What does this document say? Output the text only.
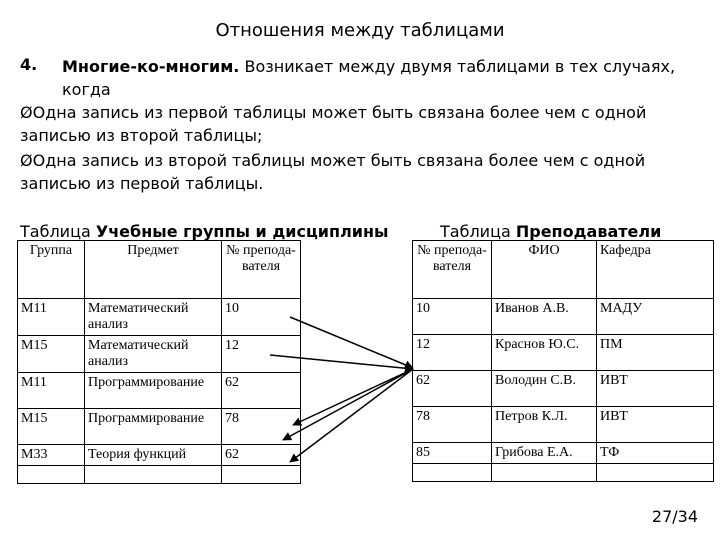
Отношения между таблицами
4. Многие-ко-многим. Возникает между двумя таблицами в тех случаях, когда
ØОдна запись из первой таблицы может быть связана более чем с одной записью из второй таблицы;
ØОдна запись из второй таблицы может быть связана более чем с одной записью из первой таблицы.
Таблица Учебные группы и дисциплины	Таблица Преподаватели
Группа	Предмет	№ препода-вателя
М11	Математический анализ	10
М15	Математический анализ	12
М11	Программирование	62
М15	Программирование	78
М33	Теория функций	62

№ препода-вателя	ФИО	Кафедра
10	Иванов А.В.	МАДУ
12	Краснов Ю.С.	ПМ
62	Володин С.В.	ИВТ
78	Петров К.Л.	ИВТ
85	Грибова Е.А.	ТФ

27/34
